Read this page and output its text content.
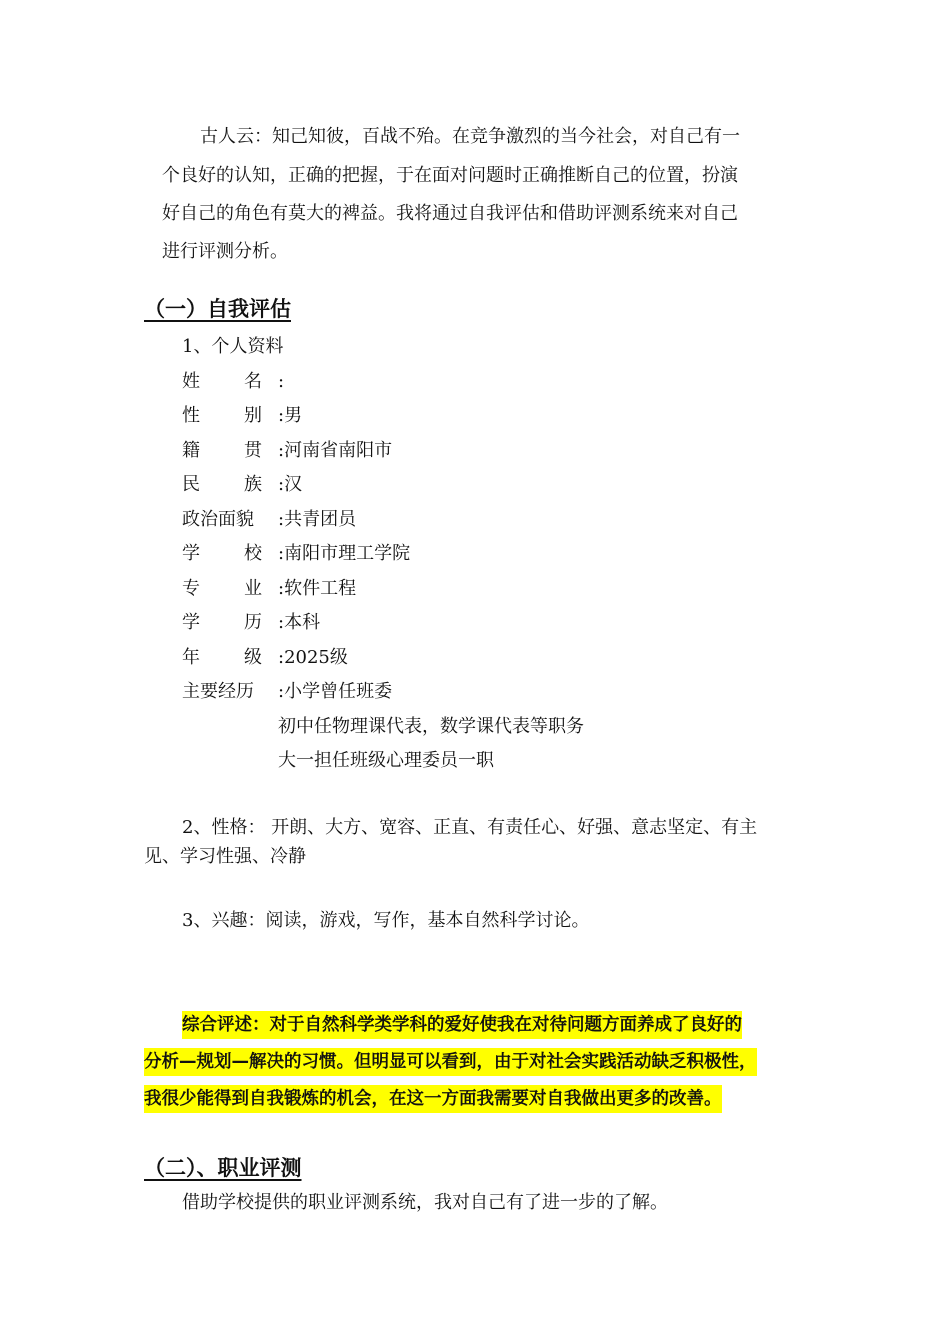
古人云：知己知彼，百战不殆。在竞争激烈的当今社会，对自己有一
个良好的认知，正确的把握，于在面对问题时正确推断自己的位置，扮演
好自己的角色有莫大的裨益。我将通过自我评估和借助评测系统来对自己
进行评测分析。
（一）自我评估
1、个人资料
姓 名 :
性 别 : 男
籍 贯 : 河南省南阳市
民 族 : 汉
政治面貌	: 共青团员
学 校 : 南阳市理工学院
专 业 : 软件工程
学 历 : 本科
年 级 : 2025级
主要经历	: 小学曾任班委
初中任物理课代表，数学课代表等职务
大一担任班级心理委员一职
2、性格： 开朗、大方、宽容、正直、有责任心、好强、意志坚定、有主
见、学习性强、冷静
3、兴趣：阅读，游戏，写作，基本自然科学讨论。
综合评述：对于自然科学类学科的爱好使我在对待问题方面养成了良好的
分析—规划—解决的习惯。但明显可以看到，由于对社会实践活动缺乏积极性，
我很少能得到自我锻炼的机会，在这一方面我需要对自我做出更多的改善。
（二）、职业评测
借助学校提供的职业评测系统，我对自己有了进一步的了解。
